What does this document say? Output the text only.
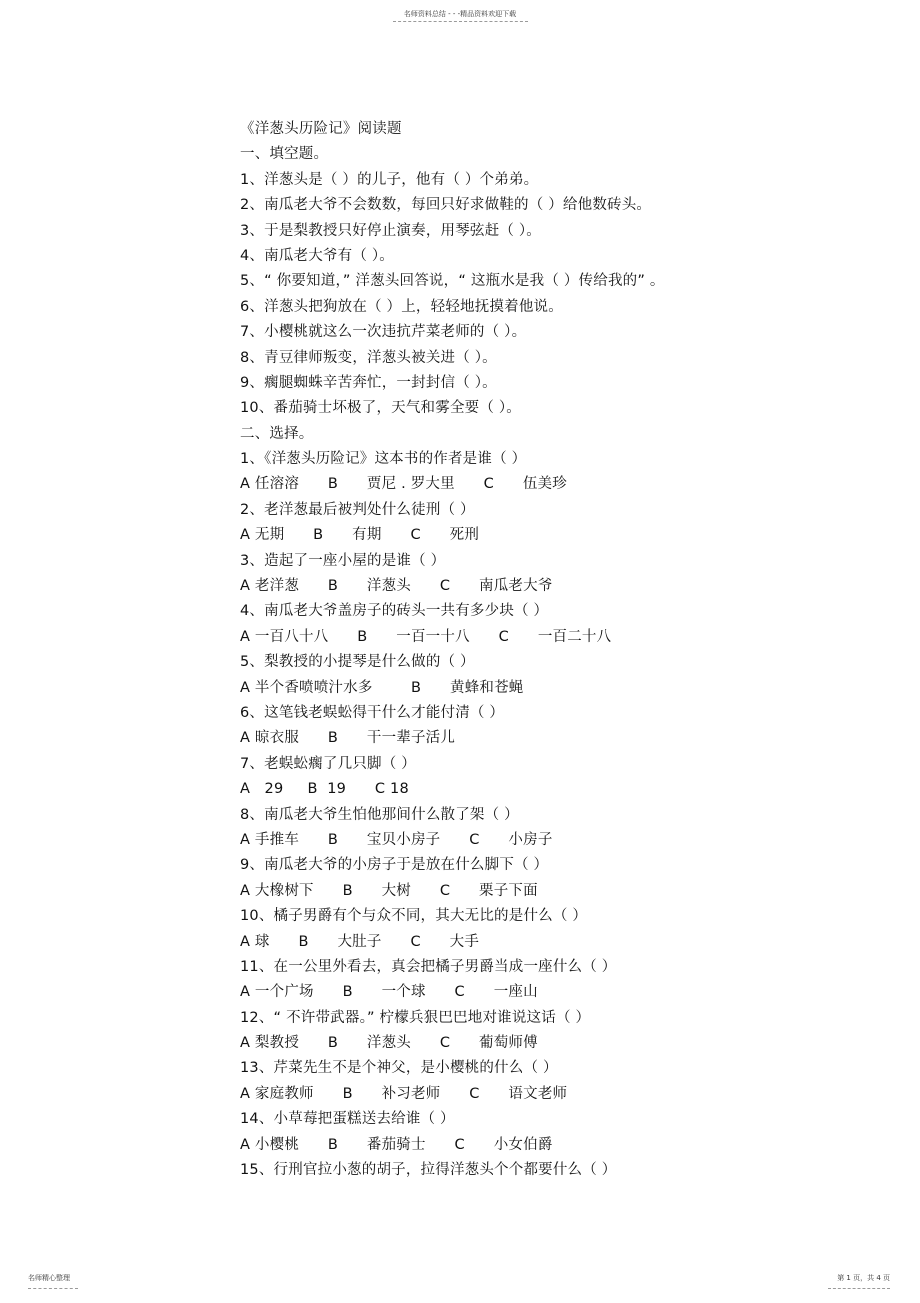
名师资料总结 - - -精品资料欢迎下载
《洋葱头历险记》阅读题
一、填空题。
1、洋葱头是（ ）的儿子，他有（ ）个弟弟。
2、南瓜老大爷不会数数，每回只好求做鞋的（ ）给他数砖头。
3、于是梨教授只好停止演奏，用琴弦赶（ ）。
4、南瓜老大爷有（ ）。
5、“ 你要知道，” 洋葱头回答说，“ 这瓶水是我（ ）传给我的” 。
6、洋葱头把狗放在（ ）上，轻轻地抚摸着他说。
7、小樱桃就这么一次违抗芹菜老师的（ ）。
8、青豆律师叛变，洋葱头被关进（ ）。
9、瘸腿蜘蛛辛苦奔忙，一封封信（ ）。
10、番茄骑士坏极了，天气和雾全要（ ）。
二、选择。
1、《洋葱头历险记》这本书的作者是谁（ ）
A 任溶溶      B      贾尼 . 罗大里      C      伍美珍
2、老洋葱最后被判处什么徒刑（ ）
A 无期      B      有期      C      死刑
3、造起了一座小屋的是谁（ ）
A 老洋葱      B      洋葱头      C      南瓜老大爷
4、南瓜老大爷盖房子的砖头一共有多少块（ ）
A 一百八十八      B      一百一十八      C      一百二十八
5、梨教授的小提琴是什么做的（ ）
A 半个香喷喷汁水多        B      黄蜂和苍蝇
6、这笔钱老蜈蚣得干什么才能付清（ ）
A 晾衣服      B      干一辈子活儿
7、老蜈蚣瘸了几只脚（ ）
A   29     B  19      C 18
8、南瓜老大爷生怕他那间什么散了架（ ）
A 手推车      B      宝贝小房子      C      小房子
9、南瓜老大爷的小房子于是放在什么脚下（ ）
A 大橡树下      B      大树      C      栗子下面
10、橘子男爵有个与众不同，其大无比的是什么（ ）
A 球      B      大肚子      C      大手
11、在一公里外看去，真会把橘子男爵当成一座什么（ ）
A 一个广场      B      一个球      C      一座山
12、“ 不许带武器。” 柠檬兵狠巴巴地对谁说这话（ ）
A 梨教授      B      洋葱头      C      葡萄师傅
13、芹菜先生不是个神父，是小樱桃的什么（ ）
A 家庭教师      B      补习老师      C      语文老师
14、小草莓把蛋糕送去给谁（ ）
A 小樱桃      B      番茄骑士      C      小女伯爵
15、行刑官拉小葱的胡子，拉得洋葱头个个都要什么（ ）
名师精心整理	第 1 页，共 4 页
